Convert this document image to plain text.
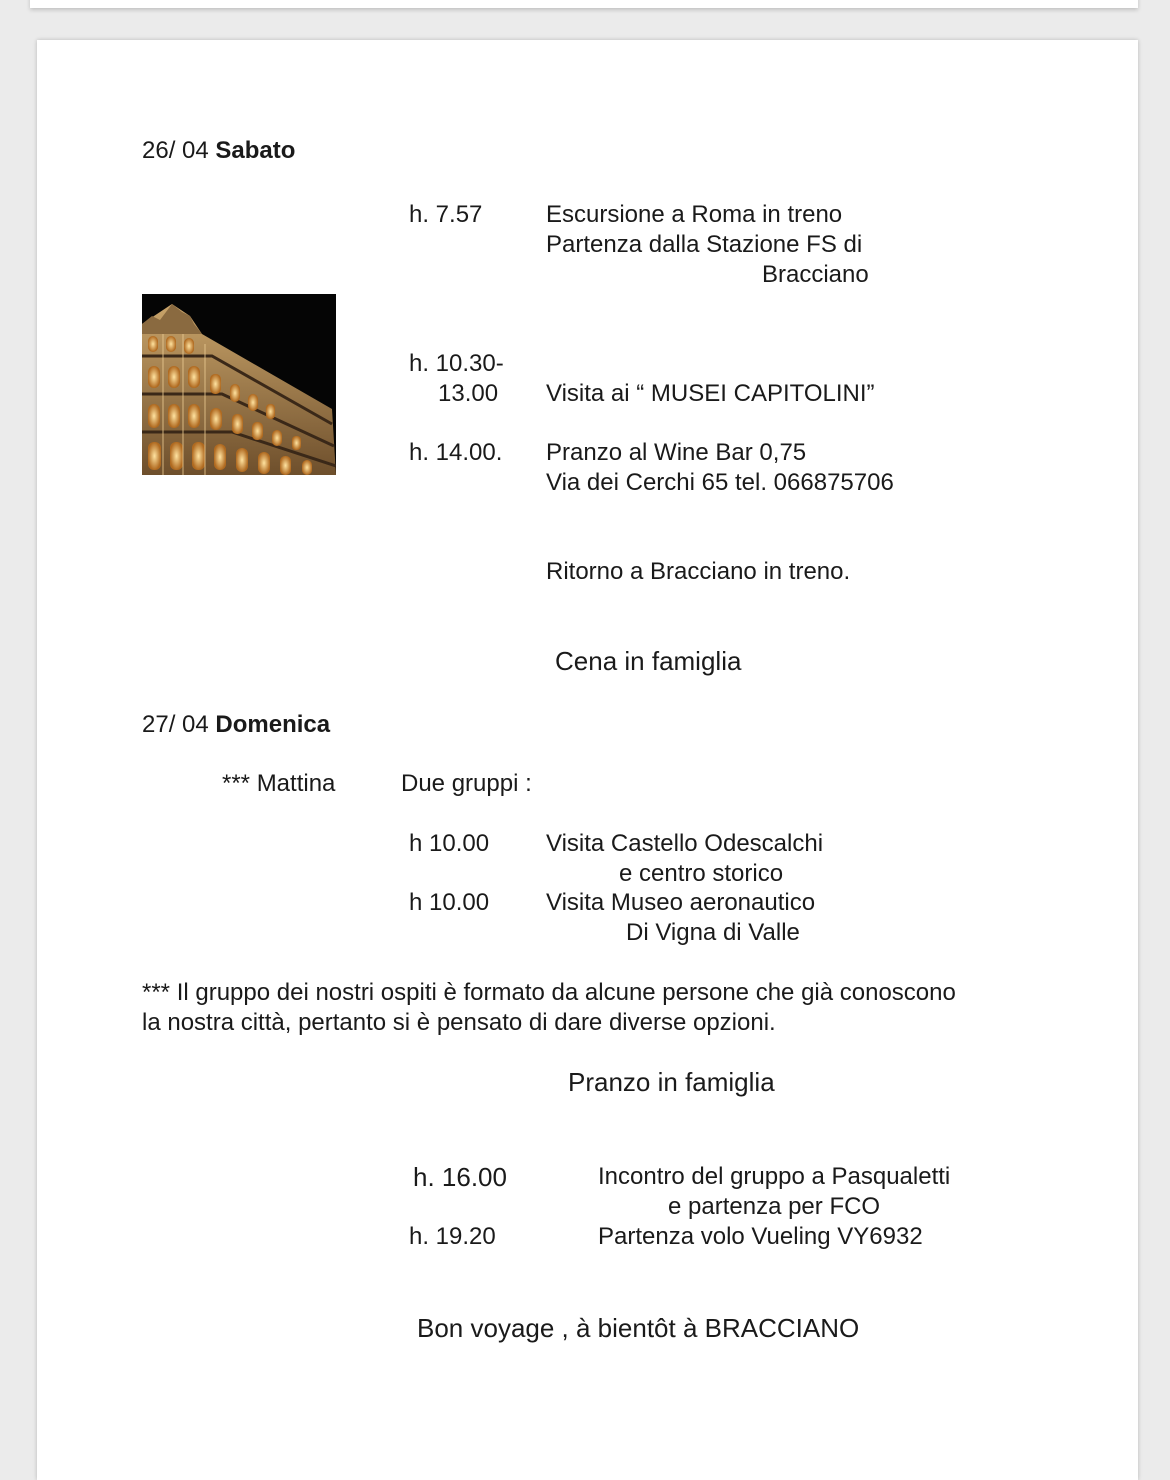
26/ 04 Sabato

h. 7.57	Escursione a Roma in treno

Partenza dalla Stazione FS di

Bracciano

h. 10.30-

13.00 Visita ai “ MUSEI CAPITOLINI”

h. 14.00. Pranzo al Wine Bar 0,75

Via dei Cerchi 65 tel. 066875706

Ritorno a Bracciano in treno.

Cena in famiglia

27/ 04 Domenica

*** Mattina	Due gruppi :

h 10.00 Visita Castello Odescalchi

e centro storico

h 10.00 Visita Museo aeronautico

Di Vigna di Valle

*** Il gruppo dei nostri ospiti è formato da alcune persone che già conoscono

la nostra città, pertanto si è pensato di dare diverse opzioni.

Pranzo in famiglia

h. 16.00	Incontro del gruppo a Pasqualetti

e partenza per FCO

h. 19.20	Partenza volo Vueling VY6932

Bon voyage , à bientôt à BRACCIANO
